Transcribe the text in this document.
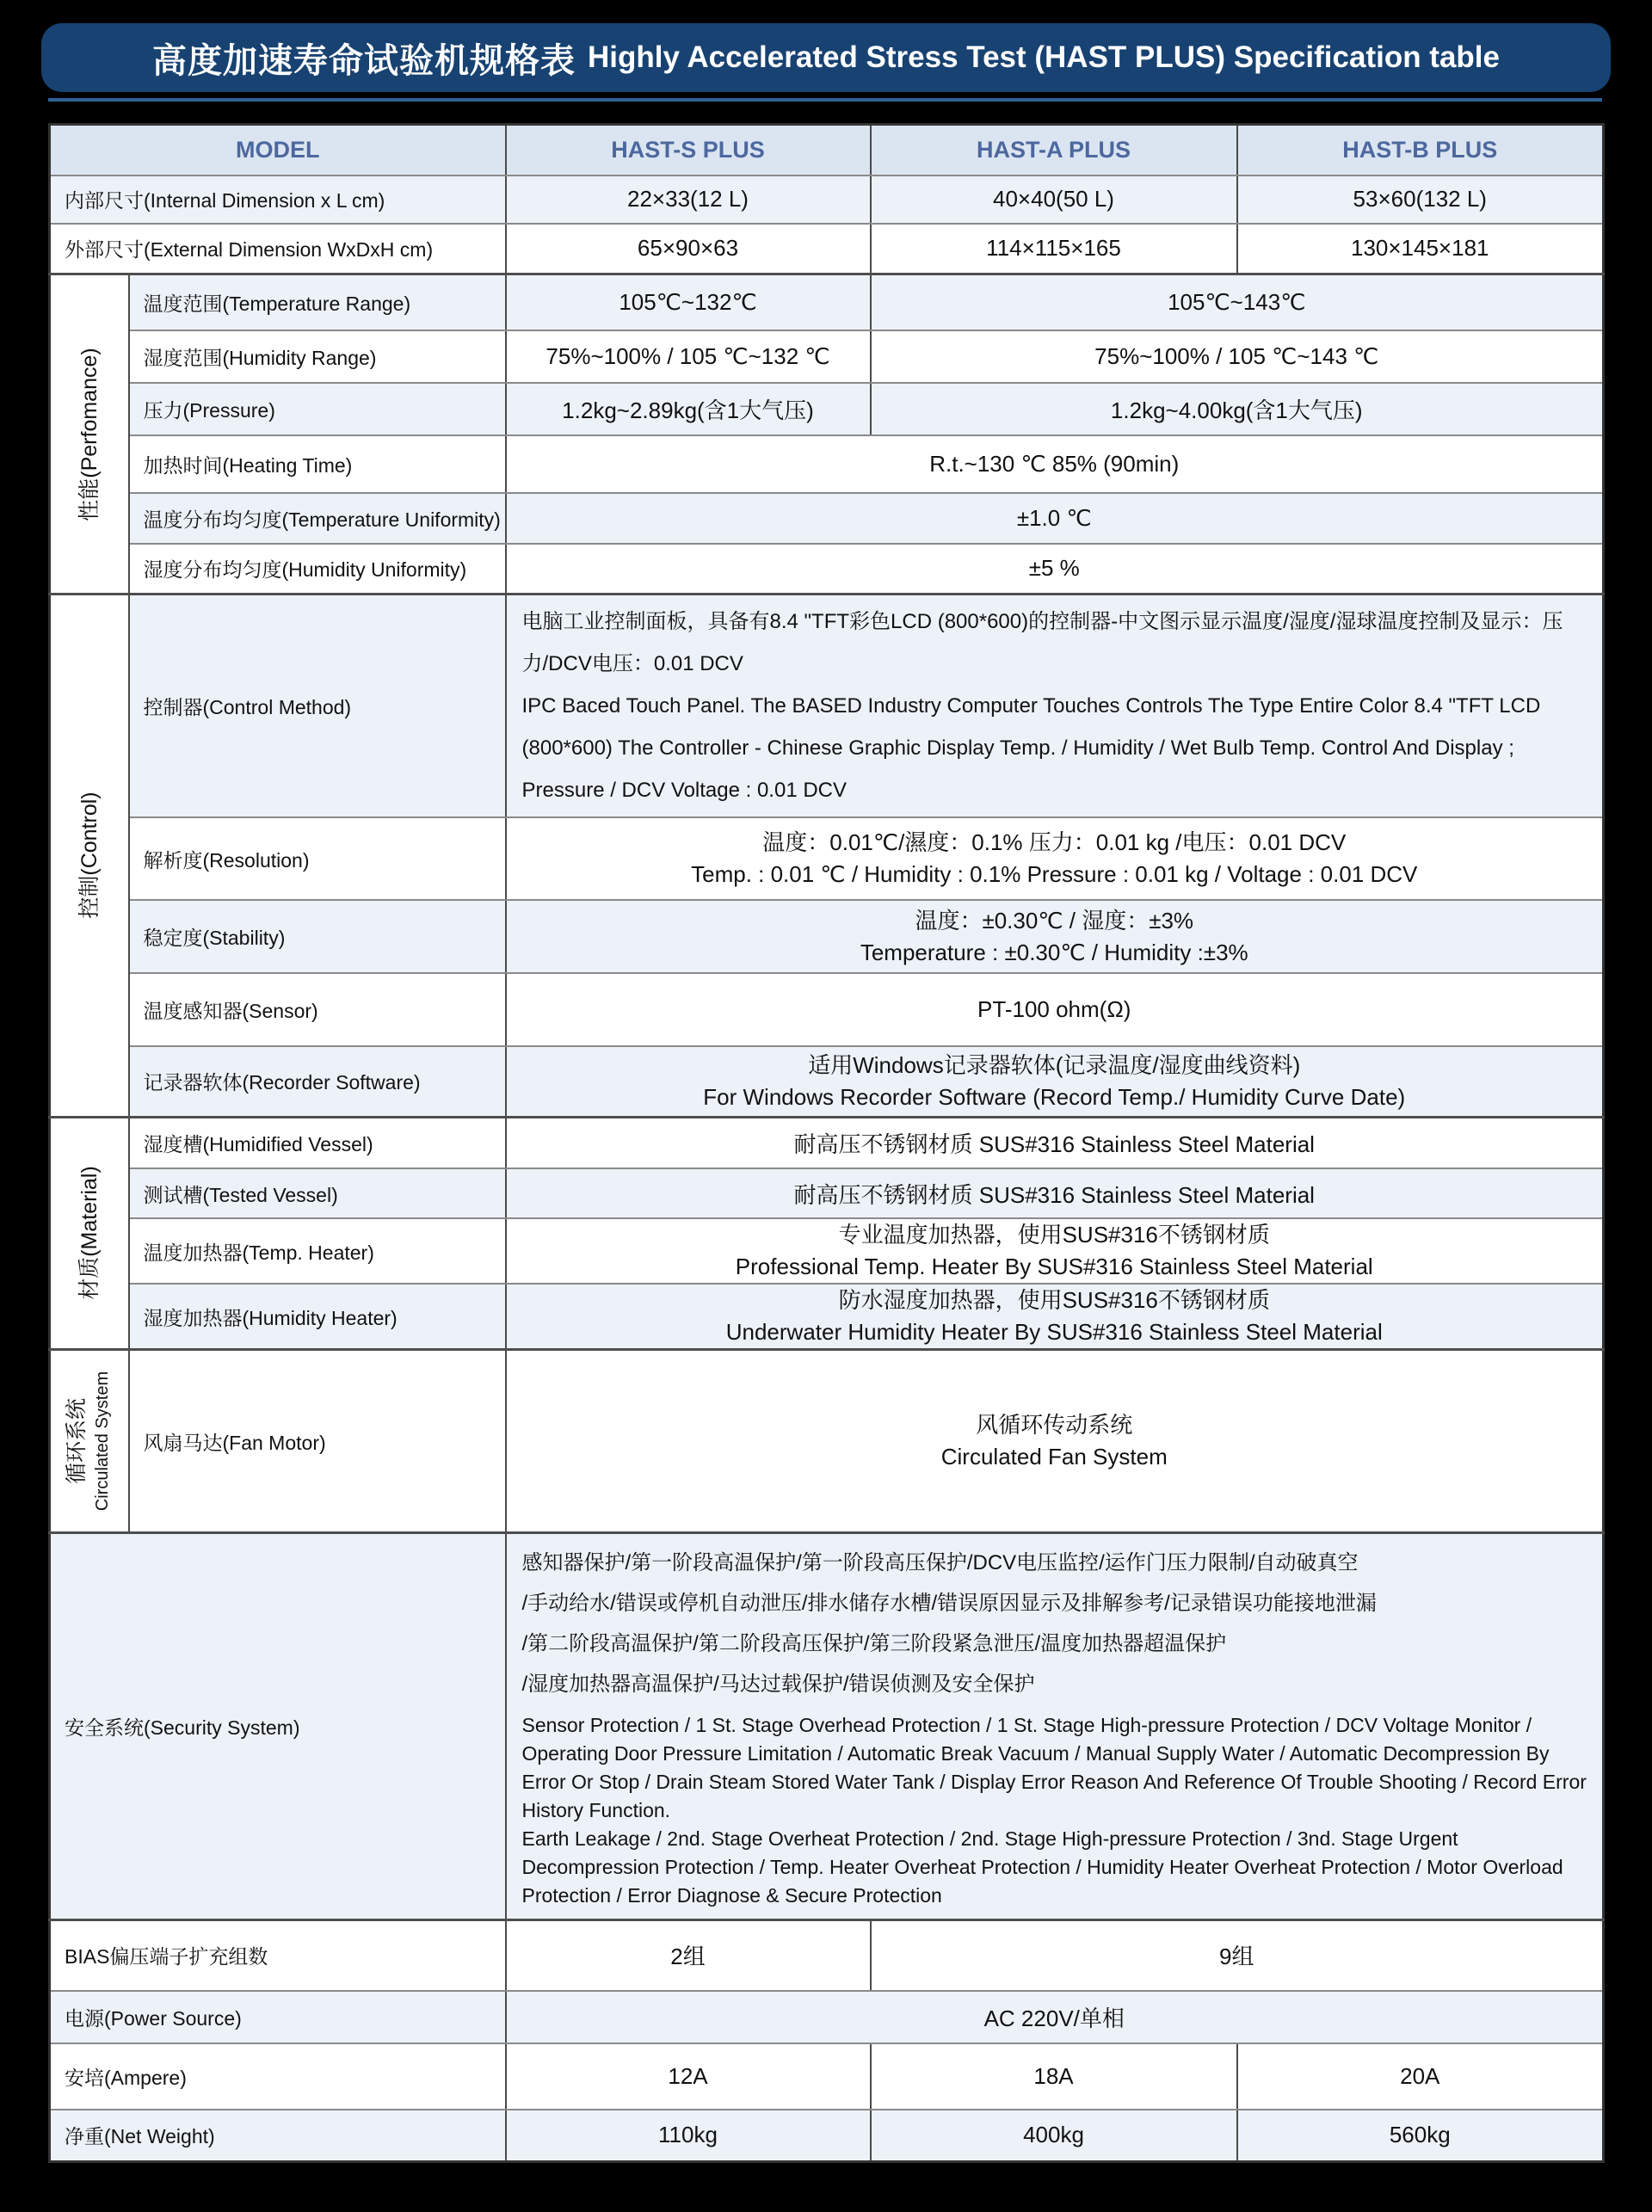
高度加速寿命试验机规格表 Highly Accelerated Stress Test (HAST PLUS) Specification table
MODEL		HAST-S PLUS	HAST-A PLUS	HAST-B PLUS
内部尺寸(Internal Dimension x L cm)		22×33(12 L)	40×40(50 L)	53×60(132 L)
外部尺寸(External Dimension WxDxH cm)		65×90×63	114×115×165	130×145×181

性能(Perfomance)	温度范围(Temperature Range)	105℃~132℃	105℃~143℃	
	湿度范围(Humidity Range)	75%~100% / 105 ℃~132 ℃	75%~100% / 105 ℃~143 ℃	
	压力(Pressure)	1.2kg~2.89kg(含1大气压)	1.2kg~4.00kg(含1大气压)	
	加热时间(Heating Time)	R.t.~130 ℃ 85% (90min)		
	温度分布均匀度(Temperature Uniformity)	±1.0 ℃		
	湿度分布均匀度(Humidity Uniformity)	±5 %		

控制(Control)	控制器(Control Method)	电脑工业控制面板，具备有8.4 "TFT彩色LCD (800*600)的控制器-中文图示显示温度/湿度/湿球温度控制及显示：压力/DCV电压：0.01 DCV
IPC Baced Touch Panel. The BASED Industry Computer Touches Controls The Type Entire Color 8.4 "TFT LCD (800*600) The Controller - Chinese Graphic Display Temp. / Humidity / Wet Bulb Temp. Control And Display ; Pressure / DCV Voltage : 0.01 DCV		

	解析度(Resolution)	温度：0.01℃/濕度：0.1% 压力：0.01 kg /电压：0.01 DCV
Temp. : 0.01 ℃ / Humidity : 0.1% Pressure : 0.01 kg / Voltage : 0.01 DCV		

	稳定度(Stability)	温度：±0.30℃ / 湿度：±3%
Temperature : ±0.30℃ / Humidity :±3%		

	温度感知器(Sensor)	PT-100 ohm(Ω)		
	记录器软体(Recorder Software)	适用Windows记录器软体(记录温度/湿度曲线资料)
For Windows Recorder Software (Record Temp./ Humidity Curve Date)		

材质(Material)	湿度槽(Humidified Vessel)	耐高压不锈钢材质 SUS#316 Stainless Steel Material		
	测试槽(Tested Vessel)	耐高压不锈钢材质 SUS#316 Stainless Steel Material		
	温度加热器(Temp. Heater)	专业温度加热器，使用SUS#316不锈钢材质
Professional Temp. Heater By SUS#316 Stainless Steel Material		

	湿度加热器(Humidity Heater)	防水湿度加热器，使用SUS#316不锈钢材质
Underwater Humidity Heater By SUS#316 Stainless Steel Material		

循环系统 Circulated System	风扇马达(Fan Motor)	
风循环传动系统
Circulated Fan System

安全系统(Security System)	
感知器保护/第一阶段高温保护/第一阶段高压保护/DCV电压监控/运作门压力限制/自动破真空
/手动给水/错误或停机自动泄压/排水储存水槽/错误原因显示及排解参考/记录错误功能接地泄漏
/第二阶段高温保护/第二阶段高压保护/第三阶段紧急泄压/温度加热器超温保护
/湿度加热器高温保护/马达过载保护/错误侦测及安全保护
Sensor Protection / 1 St. Stage Overhead Protection / 1 St. Stage High-pressure Protection / DCV Voltage Monitor / Operating Door Pressure Limitation / Automatic Break Vacuum / Manual Supply Water / Automatic Decompression By Error Or Stop / Drain Steam Stored Water Tank / Display Error Reason And Reference Of Trouble Shooting / Record Error History Function.
Earth Leakage / 2nd. Stage Overheat Protection / 2nd. Stage High-pressure Protection / 3nd. Stage Urgent Decompression Protection / Temp. Heater Overheat Protection / Humidity Heater Overheat Protection / Motor Overload Protection / Error Diagnose & Secure Protection

BIAS偏压端子扩充组数		2组	9组	
电源(Power Source)		AC 220V/单相		
安培(Ampere)		12A	18A	20A
净重(Net Weight)		110kg	400kg	560kg
